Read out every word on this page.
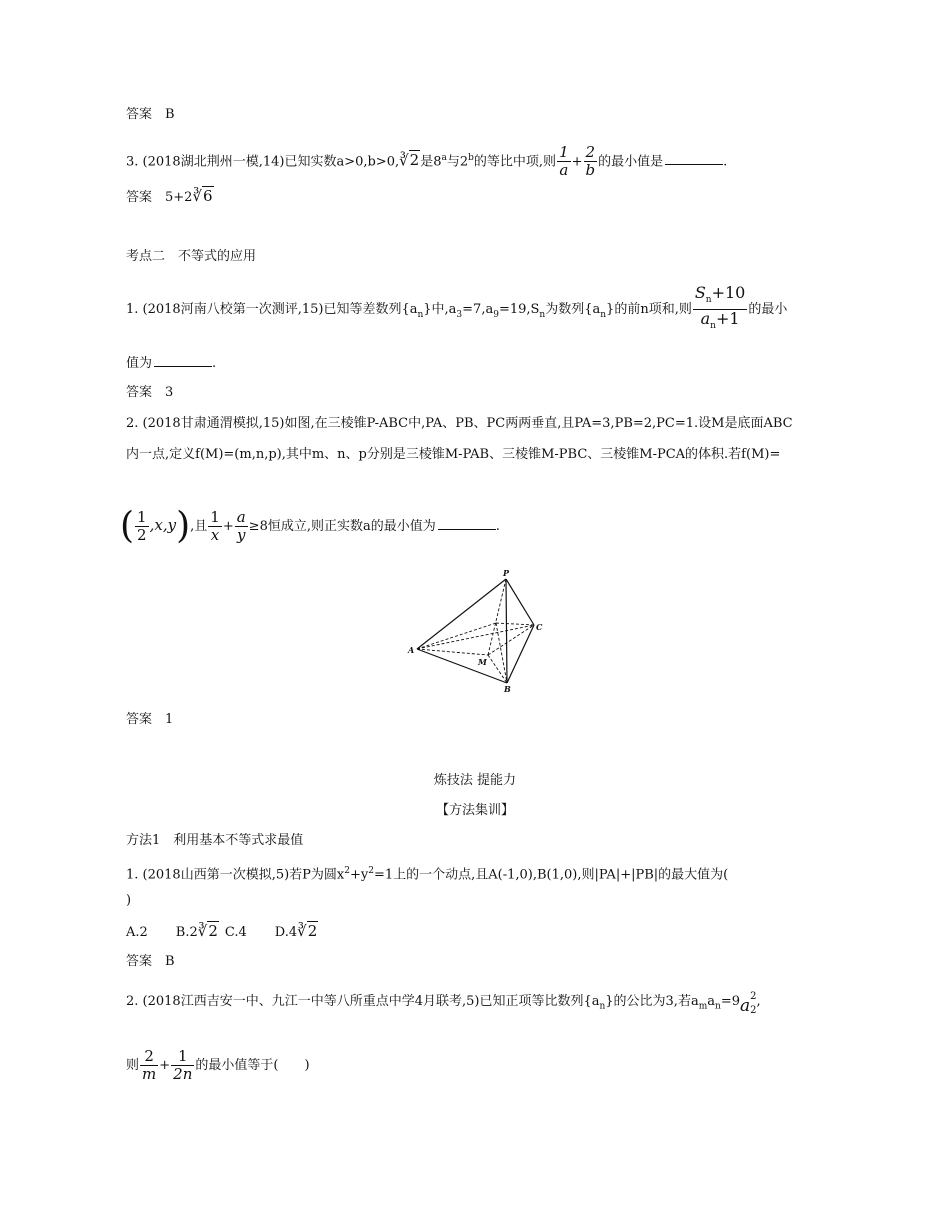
答案　B
3. (2018湖北荆州一模,14)已知实数a>0,b>0,∛2是8$^a$与2$^b$的等比中项,则 $\frac{1}{a} + \frac{2}{b}$ 的最小值是	.
答案　5+2∛6
考点二　不等式的应用
1. (2018河南八校第一次测评,15)已知等差数列$\{a_n\}$中$,a_3=7,a_9=19,S_n$为数列$\{a_n\}$的前n项和,则 $\frac{S_n+10}{a_n+1}$ 的最小
值为	.
答案　3
2. (2018甘肃通渭模拟,15)如图,在三棱锥P-ABC中,PA、PB、PC两两垂直,且PA=3,PB=2,PC=1.设M是底面ABC
内一点,定义f(M)=(m,n,p),其中m、n、p分别是三棱锥M-PAB、三棱锥M-PBC、三棱锥M-PCA的体积.若f(M)=
( $\frac{1}{2} ,x,y$),且 $\frac{1}{x} + \frac{a}{y} \ge 8$恒成立,则正实数a的最小值为	.
P
A
B
C
M
答案　1
炼技法 提能力
【方法集训】
方法1　利用基本不等式求最值
1. (2018山西第一次模拟,5)若P为圆$x^2+y^2=1$上的一个动点,且A(-1,0),B(1,0),则|PA|+|PB|的最大值为(
)
A.2 B.2∛2 C.4 D.4∛2
答案　B
2. (2018江西吉安一中、九江一中等八所重点中学4月联考,5)已知正项等比数列$\{a_n\}$的公比为3,若$a_ma_n=9a$ 2
2
,
则 $\frac{2}{m} + \frac{1}{2n}$ 的最小值等于(　　)
